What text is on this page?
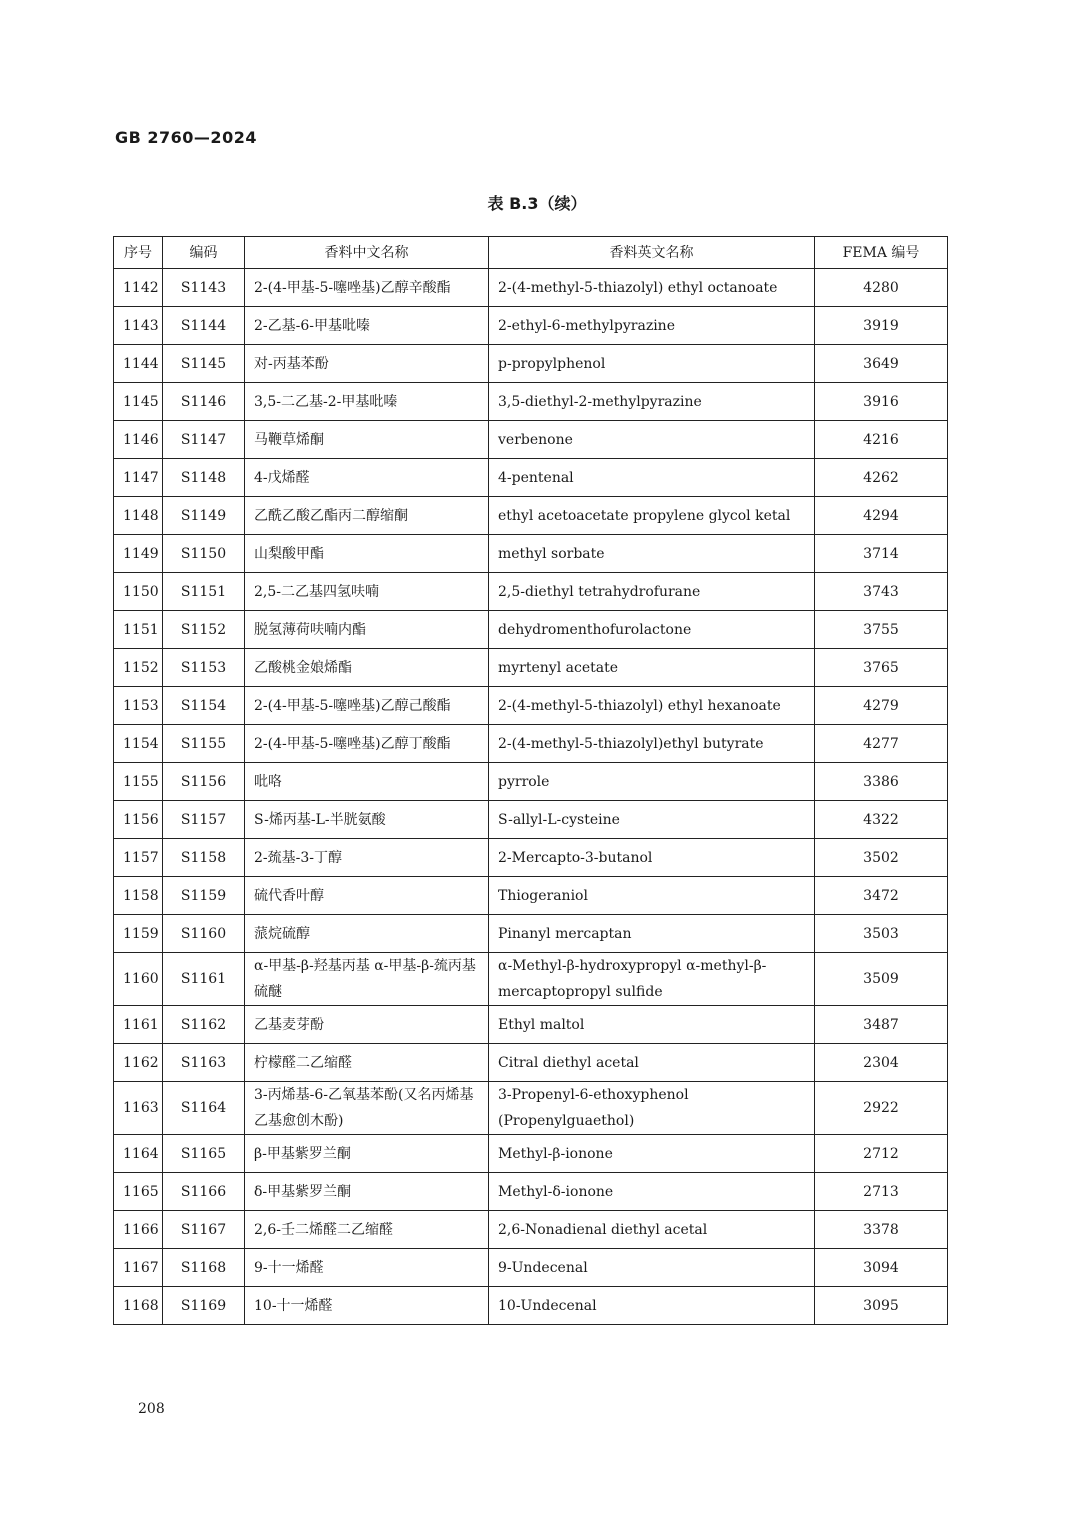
GB 2760—2024
表 B.3（续）
序号	编码	香料中文名称	香料英文名称	FEMA 编号
1142	S1143	2-(4-甲基-5-噻唑基)乙醇辛酸酯	2-(4-methyl-5-thiazolyl) ethyl octanoate	4280
1143	S1144	2-乙基-6-甲基吡嗪	2-ethyl-6-methylpyrazine	3919
1144	S1145	对-丙基苯酚	p-propylphenol	3649
1145	S1146	3,5-二乙基-2-甲基吡嗪	3,5-diethyl-2-methylpyrazine	3916
1146	S1147	马鞭草烯酮	verbenone	4216
1147	S1148	4-戊烯醛	4-pentenal	4262
1148	S1149	乙酰乙酸乙酯丙二醇缩酮	ethyl acetoacetate propylene glycol ketal	4294
1149	S1150	山梨酸甲酯	methyl sorbate	3714
1150	S1151	2,5-二乙基四氢呋喃	2,5-diethyl tetrahydrofurane	3743
1151	S1152	脱氢薄荷呋喃内酯	dehydromenthofurolactone	3755
1152	S1153	乙酸桃金娘烯酯	myrtenyl acetate	3765
1153	S1154	2-(4-甲基-5-噻唑基)乙醇己酸酯	2-(4-methyl-5-thiazolyl) ethyl hexanoate	4279
1154	S1155	2-(4-甲基-5-噻唑基)乙醇丁酸酯	2-(4-methyl-5-thiazolyl)ethyl butyrate	4277
1155	S1156	吡咯	pyrrole	3386
1156	S1157	S-烯丙基-L-半胱氨酸	S-allyl-L-cysteine	4322
1157	S1158	2-巯基-3-丁醇	2-Mercapto-3-butanol	3502
1158	S1159	硫代香叶醇	Thiogeraniol	3472
1159	S1160	蒎烷硫醇	Pinanyl mercaptan	3503
1160	S1161	α-甲基-β-羟基丙基 α-甲基-β-巯丙基硫醚	α-Methyl-β-hydroxypropyl α-methyl-β-mercaptopropyl sulfide	3509
1161	S1162	乙基麦芽酚	Ethyl maltol	3487
1162	S1163	柠檬醛二乙缩醛	Citral diethyl acetal	2304
1163	S1164	3-丙烯基-6-乙氧基苯酚(又名丙烯基乙基愈创木酚)	3-Propenyl-6-ethoxyphenol (Propenylguaethol)	2922
1164	S1165	β-甲基紫罗兰酮	Methyl-β-ionone	2712
1165	S1166	δ-甲基紫罗兰酮	Methyl-δ-ionone	2713
1166	S1167	2,6-壬二烯醛二乙缩醛	2,6-Nonadienal diethyl acetal	3378
1167	S1168	9-十一烯醛	9-Undecenal	3094
1168	S1169	10-十一烯醛	10-Undecenal	3095
208
